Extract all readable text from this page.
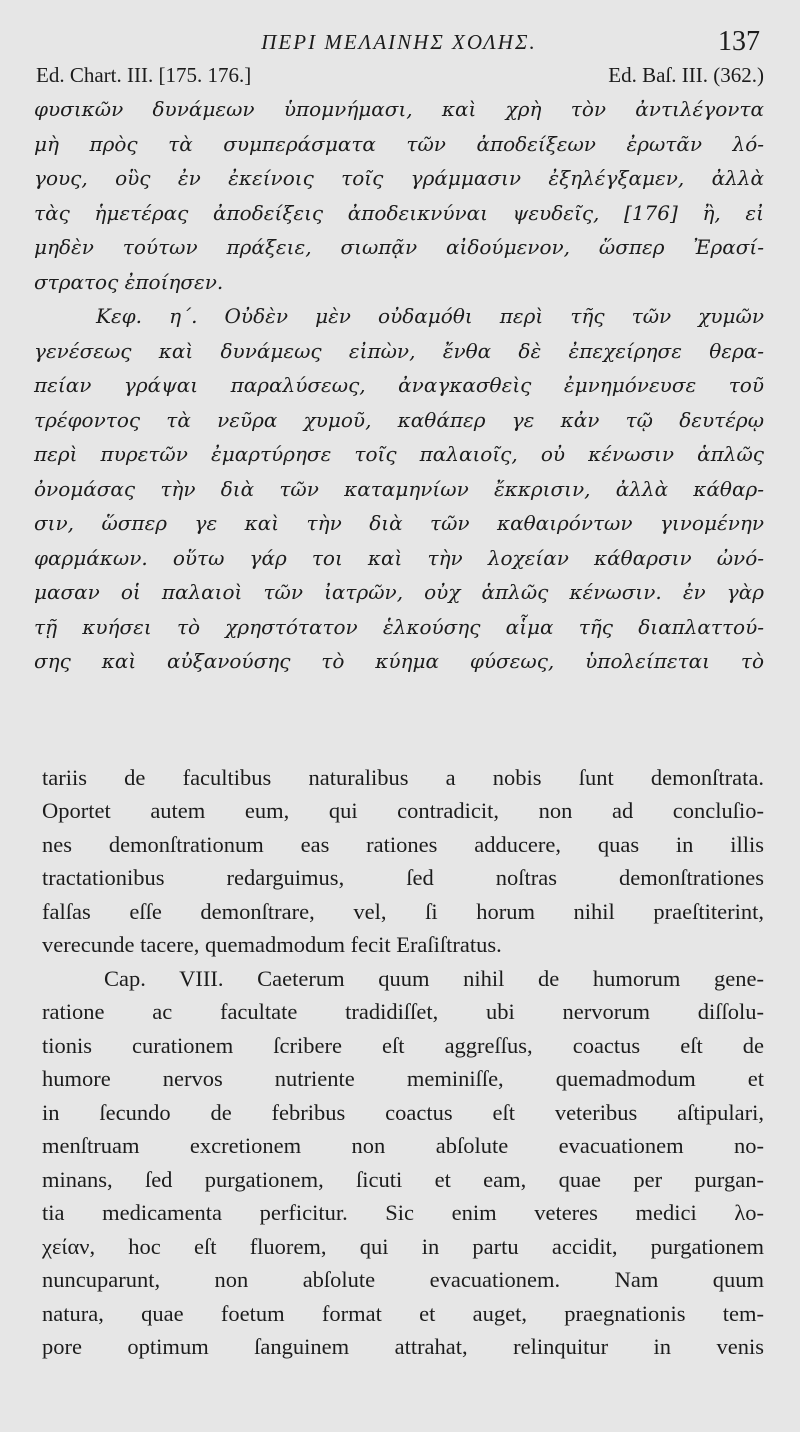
ΠΕΡΙ ΜΕΛΑΙΝΗΣ ΧΟΛΗΣ.	137
Ed. Chart. III. [175. 176.]	Ed. Baſ. III. (362.)
φυσικῶν δυνάμεων ὑπομνήμασι, καὶ χρὴ τὸν ἀντιλέγοντα
μὴ πρὸς τὰ συμπεράσματα τῶν ἀποδείξεων ἐρωτᾶν λό-
γους, οὓς ἐν ἐκείνοις τοῖς γράμμασιν ἐξηλέγξαμεν, ἀλλὰ
τὰς ἡμετέρας ἀποδείξεις ἀποδεικνύναι ψευδεῖς, [176] ἢ, εἰ
μηδὲν τούτων πράξειε, σιωπᾷν αἰδούμενον, ὥσπερ Ἐρασί-
στρατος ἐποίησεν.
Κεφ. η΄. Οὐδὲν μὲν οὐδαμόθι περὶ τῆς τῶν χυμῶν
γενέσεως καὶ δυνάμεως εἰπὼν, ἔνθα δὲ ἐπεχείρησε θερα-
πείαν γράψαι παραλύσεως, ἀναγκασθεὶς ἐμνημόνευσε τοῦ
τρέφοντος τὰ νεῦρα χυμοῦ, καθάπερ γε κἀν τῷ δευτέρῳ
περὶ πυρετῶν ἐμαρτύρησε τοῖς παλαιοῖς, οὐ κένωσιν ἁπλῶς
ὀνομάσας τὴν διὰ τῶν καταμηνίων ἔκκρισιν, ἀλλὰ κάθαρ-
σιν, ὥσπερ γε καὶ τὴν διὰ τῶν καθαιρόντων γινομένην
φαρμάκων. οὕτω γάρ τοι καὶ τὴν λοχείαν κάθαρσιν ὠνό-
μασαν οἱ παλαιοὶ τῶν ἰατρῶν, οὐχ ἁπλῶς κένωσιν. ἐν γὰρ
τῇ κυήσει τὸ χρηστότατον ἑλκούσης αἷμα τῆς διαπλαττού-
σης καὶ αὐξανούσης τὸ κύημα φύσεως, ὑπολείπεται τὸ
tariis de facultibus naturalibus a nobis ſunt demonſtrata.
Oportet autem eum, qui contradicit, non ad concluſio-
nes demonſtrationum eas rationes adducere, quas in illis
tractationibus redarguimus, ſed noſtras demonſtrationes
falſas eſſe demonſtrare, vel, ſi horum nihil praeſtiterint,
verecunde tacere, quemadmodum fecit Eraſiſtratus.
Cap. VIII. Caeterum quum nihil de humorum gene-
ratione ac facultate tradidiſſet, ubi nervorum diſſolu-
tionis curationem ſcribere eſt aggreſſus, coactus eſt de
humore nervos nutriente meminiſſe, quemadmodum et
in ſecundo de febribus coactus eſt veteribus aſtipulari,
menſtruam excretionem non abſolute evacuationem no-
minans, ſed purgationem, ſicuti et eam, quae per purgan-
tia medicamenta perficitur. Sic enim veteres medici λο-
χείαν, hoc eſt fluorem, qui in partu accidit, purgationem
nuncuparunt, non abſolute evacuationem. Nam quum
natura, quae foetum format et auget, praegnationis tem-
pore optimum ſanguinem attrahat, relinquitur in venis
